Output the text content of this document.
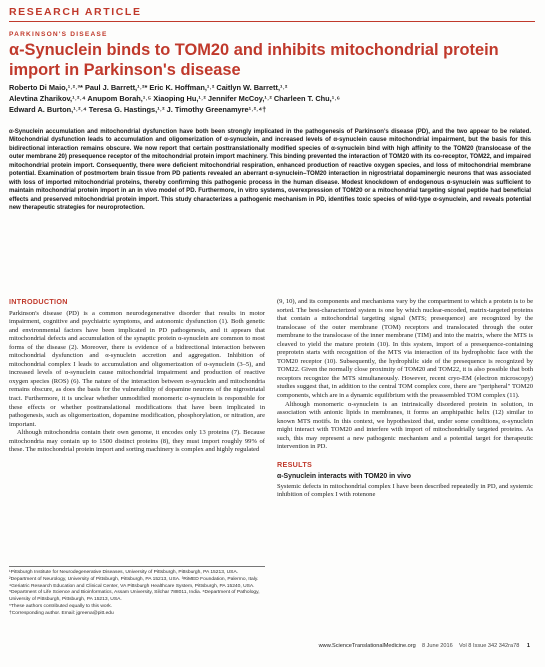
RESEARCH ARTICLE
PARKINSON'S DISEASE
α-Synuclein binds to TOM20 and inhibits mitochondrial protein import in Parkinson's disease
Roberto Di Maio,¹˒²˒³* Paul J. Barrett,¹˒²* Eric K. Hoffman,¹˒² Caitlyn W. Barrett,¹˒²
Alevtina Zharikov,¹˒²˒⁴ Anupom Borah,¹˒⁵ Xiaoping Hu,¹˒² Jennifer McCoy,¹˒² Charleen T. Chu,¹˒⁶
Edward A. Burton,¹˒²˒⁴ Teresa G. Hastings,¹˒² J. Timothy Greenamyre¹˒²˒⁴†

α-Synuclein accumulation and mitochondrial dysfunction have both been strongly implicated in the pathogenesis of Parkinson's disease (PD), and the two appear to be related. Mitochondrial dysfunction leads to accumulation and oligomerization of α-synuclein, and increased levels of α-synuclein cause mitochondrial impairment, but the basis for this bidirectional interaction remains obscure. We now report that certain posttranslationally modified species of α-synuclein bind with high affinity to the TOM20 (translocase of the outer membrane 20) presequence receptor of the mitochondrial protein import machinery. This binding prevented the interaction of TOM20 with its co-receptor, TOM22, and impaired mitochondrial protein import. Consequently, there were deficient mitochondrial respiration, enhanced production of reactive oxygen species, and loss of mitochondrial membrane potential. Examination of postmortem brain tissue from PD patients revealed an aberrant α-synuclein–TOM20 interaction in nigrostriatal dopaminergic neurons that was associated with loss of imported mitochondrial proteins, thereby confirming this pathogenic process in the human disease. Modest knockdown of endogenous α-synuclein was sufficient to maintain mitochondrial protein import in an in vivo model of PD. Furthermore, in vitro systems, overexpression of TOM20 or a mitochondrial targeting signal peptide had beneficial effects and preserved mitochondrial protein import. This study characterizes a pathogenic mechanism in PD, identifies toxic species of wild-type α-synuclein, and reveals potential new therapeutic strategies for neuroprotection.

INTRODUCTION

Parkinson's disease (PD) is a common neurodegenerative disorder that results in motor impairment, cognitive and psychiatric symptoms, and autonomic dysfunction (1). Both genetic and environmental factors have been implicated in PD pathogenesis, and it appears that mitochondrial defects and accumulation of the synaptic protein α-synuclein are common to most forms of the disease (2). Moreover, there is evidence of a bidirectional interaction between mitochondrial dysfunction and α-synuclein accretion and aggregation. Inhibition of mitochondrial complex I leads to accumulation and oligomerization of α-synuclein (3–5), and increased levels of α-synuclein cause mitochondrial impairment and production of reactive oxygen species (ROS) (6). The nature of the interaction between α-synuclein and mitochondria remains obscure, as does the basis for the vulnerability of dopamine neurons of the nigrostriatal tract. Furthermore, it is unclear whether unmodified monomeric α-synuclein is responsible for these effects or whether posttranslational modifications that have been implicated in pathogenesis, such as oligomerization, dopamine modification, phosphorylation, or nitration, are important.

Although mitochondria contain their own genome, it encodes only 13 proteins (7). Because mitochondria may contain up to 1500 distinct proteins (8), they must import roughly 99% of these. The mitochondrial protein import and sorting machinery is complex and highly regulated

¹Pittsburgh Institute for Neurodegenerative Diseases, University of Pittsburgh, Pittsburgh, PA 15213, USA. ²Department of Neurology, University of Pittsburgh, Pittsburgh, PA 15213, USA. ³RiMED Foundation, Palermo, Italy. ⁴Geriatric Research Education and Clinical Center, VA Pittsburgh Healthcare System, Pittsburgh, PA 15240, USA. ⁵Department of Life Science and Bioinformatics, Assam University, Silchar 788011, India. ⁶Department of Pathology, University of Pittsburgh, Pittsburgh, PA 15213, USA.
*These authors contributed equally to this work.
†Corresponding author. Email: jgreena@pitt.edu

(9, 10), and its components and mechanisms vary by the compartment to which a protein is to be sorted. The best-characterized system is one by which nuclear-encoded, matrix-targeted proteins that contain a mitochondrial targeting signal (MTS; presequence) are recognized by the translocase of the outer membrane (TOM) receptors and translocated through the outer membrane to the translocase of the inner membrane (TIM) and into the matrix, where the MTS is cleaved to yield the mature protein (10). In this system, import of a presequence-containing preprotein starts with recognition of the MTS via interaction of its hydrophobic face with the TOM20 receptor (10). Subsequently, the hydrophilic side of the presequence is recognized by TOM22. Given the normally close proximity of TOM20 and TOM22, it is also possible that both receptors recognize the MTS simultaneously. However, recent cryo-EM (electron microscopy) studies suggest that, in addition to the central TOM complex core, there are "peripheral" TOM20 components, which are in a dynamic equilibrium with the preassembled TOM complex (11).

Although monomeric α-synuclein is an intrinsically disordered protein in solution, in association with anionic lipids in membranes, it forms an amphipathic helix (12) similar to known MTS motifs. In this context, we hypothesized that, under some conditions, α-synuclein might interact with TOM20 and interfere with import of mitochondrially targeted proteins. As such, this may represent a new pathogenic mechanism and a potential target for therapeutic intervention in PD.

RESULTS
α-Synuclein interacts with TOM20 in vivo

Systemic defects in mitochondrial complex I have been described repeatedly in PD, and systemic inhibition of complex I with rotenone

www.ScienceTranslationalMedicine.org 8 June 2016 Vol 8 Issue 342 342ra78 1
